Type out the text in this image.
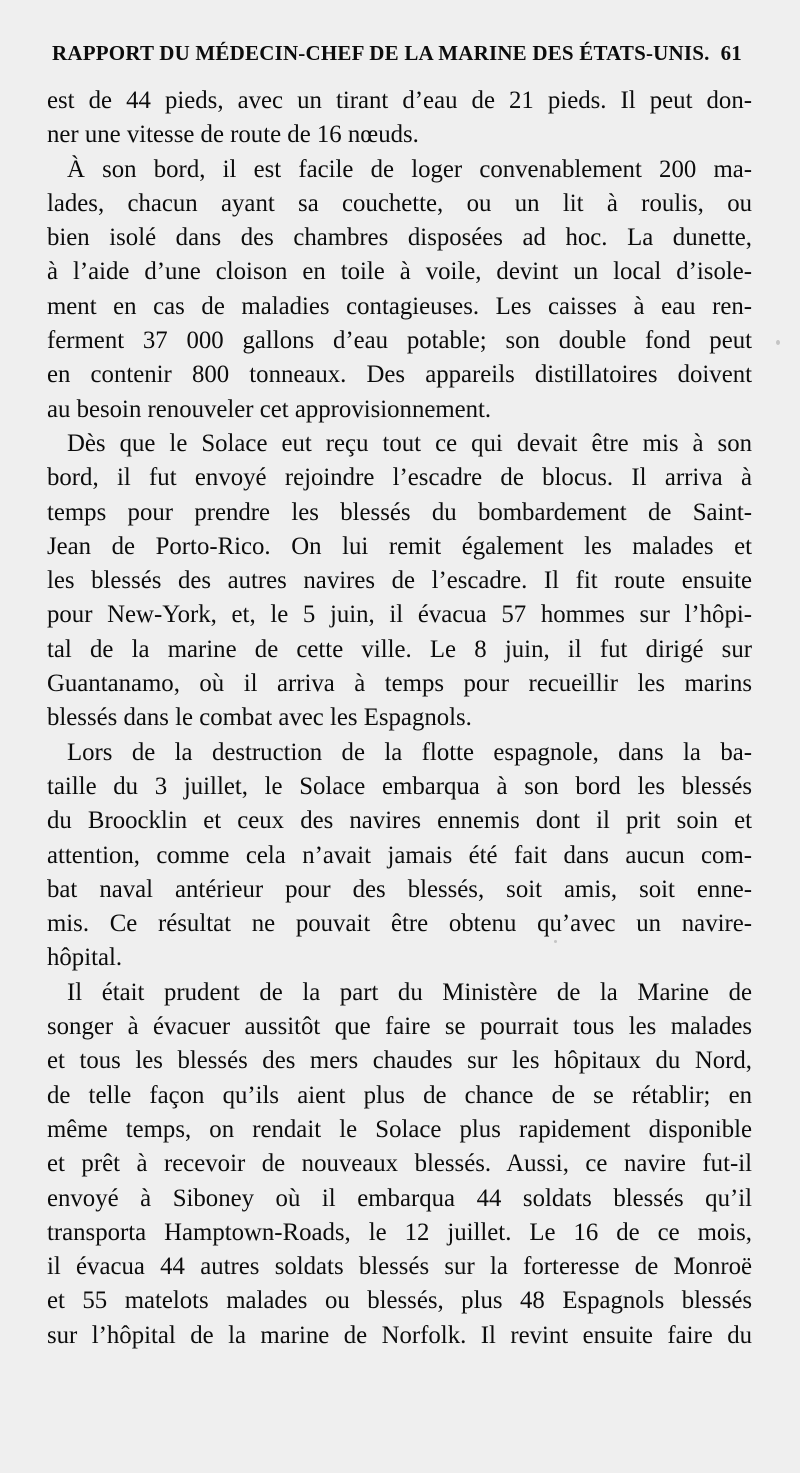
RAPPORT DU MÉDECIN-CHEF DE LA MARINE DES ÉTATS-UNIS. 61
est de 44 pieds, avec un tirant d’eau de 21 pieds. Il peut don-
ner une vitesse de route de 16 nœuds.
À son bord, il est facile de loger convenablement 200 ma-
lades, chacun ayant sa couchette, ou un lit à roulis, ou
bien isolé dans des chambres disposées ad hoc. La dunette,
à l’aide d’une cloison en toile à voile, devint un local d’isole-
ment en cas de maladies contagieuses. Les caisses à eau ren-
ferment 37 000 gallons d’eau potable; son double fond peut
en contenir 800 tonneaux. Des appareils distillatoires doivent
au besoin renouveler cet approvisionnement.
Dès que le Solace eut reçu tout ce qui devait être mis à son
bord, il fut envoyé rejoindre l’escadre de blocus. Il arriva à
temps pour prendre les blessés du bombardement de Saint-
Jean de Porto-Rico. On lui remit également les malades et
les blessés des autres navires de l’escadre. Il fit route ensuite
pour New-York, et, le 5 juin, il évacua 57 hommes sur l’hôpi-
tal de la marine de cette ville. Le 8 juin, il fut dirigé sur
Guantanamo, où il arriva à temps pour recueillir les marins
blessés dans le combat avec les Espagnols.
Lors de la destruction de la flotte espagnole, dans la ba-
taille du 3 juillet, le Solace embarqua à son bord les blessés
du Broocklin et ceux des navires ennemis dont il prit soin et
attention, comme cela n’avait jamais été fait dans aucun com-
bat naval antérieur pour des blessés, soit amis, soit enne-
mis. Ce résultat ne pouvait être obtenu qu’avec un navire-
hôpital.
Il était prudent de la part du Ministère de la Marine de
songer à évacuer aussitôt que faire se pourrait tous les malades
et tous les blessés des mers chaudes sur les hôpitaux du Nord,
de telle façon qu’ils aient plus de chance de se rétablir; en
même temps, on rendait le Solace plus rapidement disponible
et prêt à recevoir de nouveaux blessés. Aussi, ce navire fut-il
envoyé à Siboney où il embarqua 44 soldats blessés qu’il
transporta Hamptown-Roads, le 12 juillet. Le 16 de ce mois,
il évacua 44 autres soldats blessés sur la forteresse de Monroë
et 55 matelots malades ou blessés, plus 48 Espagnols blessés
sur l’hôpital de la marine de Norfolk. Il revint ensuite faire du
